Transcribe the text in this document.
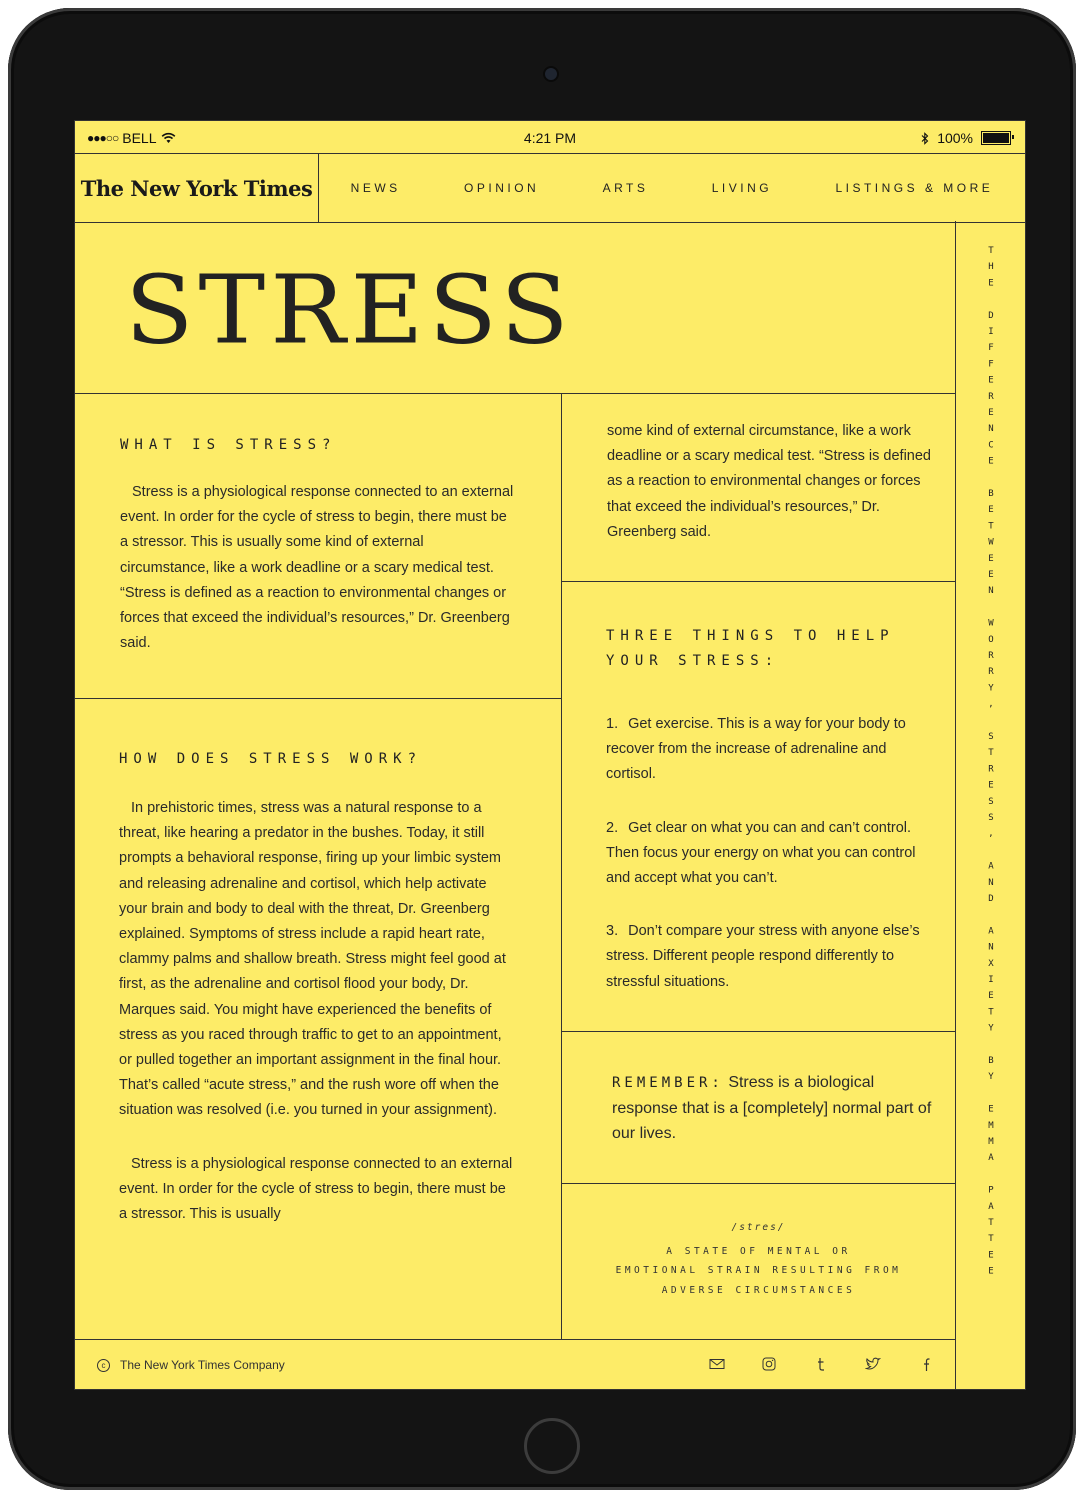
●●●○○ BELL	4:21 PM	100%
The New York Times	NEWS	OPINION	ARTS	LIVING	LISTINGS & MORE
THE DIFFERENCE BETWEEN WORRY, STRESS, AND ANXIETY BY EMMA PATTEE
STRESS
WHAT IS STRESS?

Stress is a physiological response connected to an external event. In order for the cycle of stress to begin, there must be a stressor. This is usually some kind of external circumstance, like a work deadline or a scary medical test. “Stress is defined as a reaction to environmental changes or forces that exceed the individual’s resources,” Dr. Greenberg said.

HOW DOES STRESS WORK?

In prehistoric times, stress was a natural response to a threat, like hearing a predator in the bushes. Today, it still prompts a behavioral response, firing up your limbic system and releasing adrenaline and cortisol, which help activate your brain and body to deal with the threat, Dr. Greenberg explained. Symptoms of stress include a rapid heart rate, clammy palms and shallow breath. Stress might feel good at first, as the adrenaline and cortisol flood your body, Dr. Marques said. You might have experienced the benefits of stress as you raced through traffic to get to an appointment, or pulled together an important assignment in the final hour. That’s called “acute stress,” and the rush wore off when the situation was resolved (i.e. you turned in your assignment).

Stress is a physiological response connected to an external event. In order for the cycle of stress to begin, there must be a stressor. This is usually

some kind of external circumstance, like a work deadline or a scary medical test. “Stress is defined as a reaction to environmental changes or forces that exceed the individual’s resources,” Dr. Greenberg said.

THREE THINGS TO HELP YOUR STRESS:
1. Get exercise. This is a way for your body to recover from the increase of adrenaline and cortisol.
2. Get clear on what you can and can’t control. Then focus your energy on what you can control and accept what you can’t.
3. Don’t compare your stress with anyone else’s stress. Different people respond differently to stressful situations.

REMEMBER: Stress is a biological response that is a [completely] normal part of our lives.

/stres/
A STATE OF MENTAL OR
EMOTIONAL STRAIN RESULTING FROM
ADVERSE CIRCUMSTANCES
c	The New York Times Company
